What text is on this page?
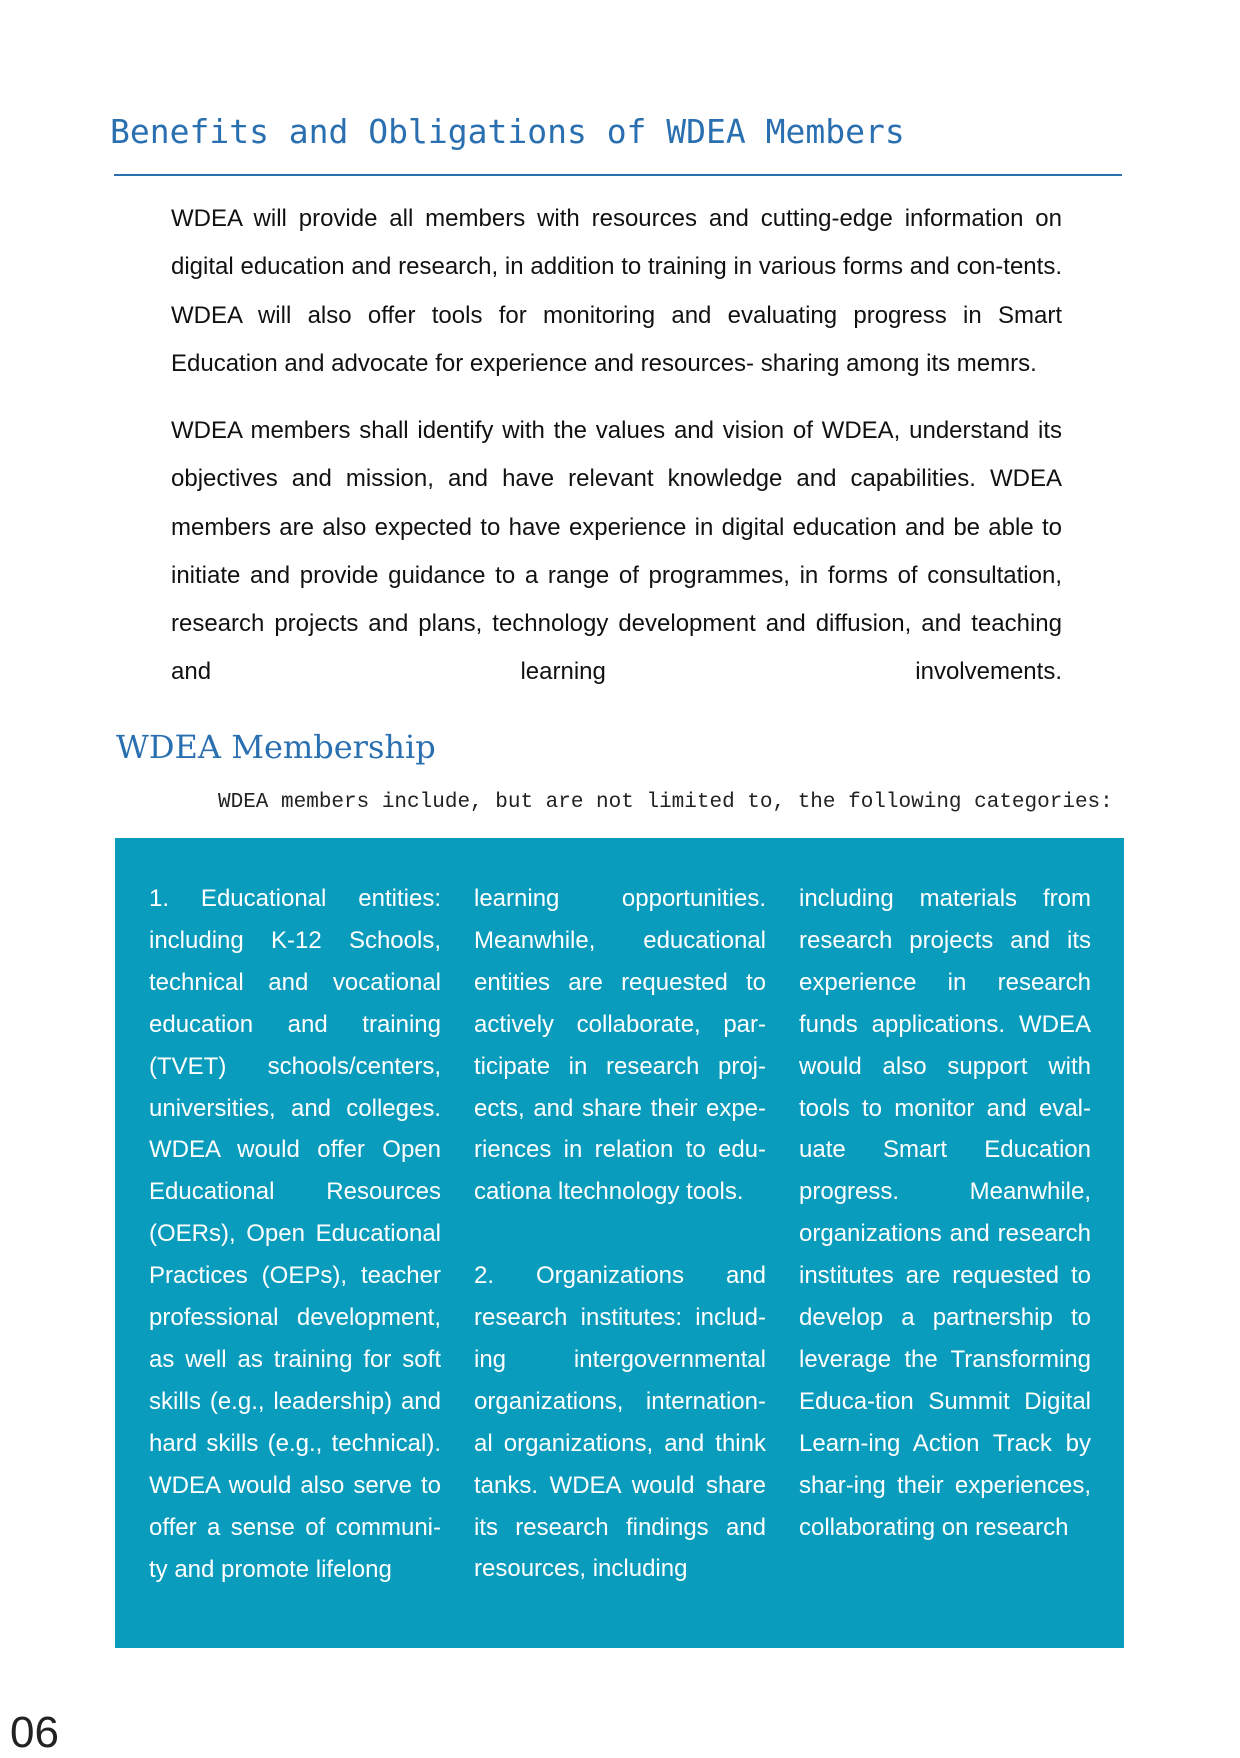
Benefits and Obligations of WDEA Members

WDEA will provide all members with resources and cutting-edge information on digital education and research, in addition to training in various forms and con-tents. WDEA will also offer tools for monitoring and evaluating progress in Smart Education and advocate for experience and resources- sharing among its memrs.

WDEA members shall identify with the values and vision of WDEA, understand its objectives and mission, and have relevant knowledge and capabilities. WDEA members are also expected to have experience in digital education and be able to initiate and provide guidance to a range of programmes, in forms of consultation, research projects and plans, technology development and diffusion, and teaching and learning involvements.

WDEA Membership

WDEA members include, but are not limited to, the following categories:

1. Educational entities: including K-12 Schools, technical and vocational education and training (TVET) schools/centers, universities, and colleges. WDEA would offer Open Educational Resources (OERs), Open Educational Practices (OEPs), teacher professional development, as well as training for soft skills (e.g., leadership) and hard skills (e.g., technical). WDEA would also serve to offer a sense of communi-ty and promote lifelong

learning opportunities. Meanwhile, educational entities are requested to actively collaborate, par-ticipate in research proj-ects, and share their expe-riences in relation to edu-cationa ltechnology tools.

2. Organizations and research institutes: includ-ing intergovernmental organizations, internation-al organizations, and think tanks. WDEA would share its research findings and resources, including

including materials from research projects and its experience in research funds applications. WDEA would also support with tools to monitor and eval-uate Smart Education progress. Meanwhile, organizations and research institutes are requested to develop a partnership to leverage the Transforming Educa-tion Summit Digital Learn-ing Action Track by shar-ing their experiences, collaborating on research

06
